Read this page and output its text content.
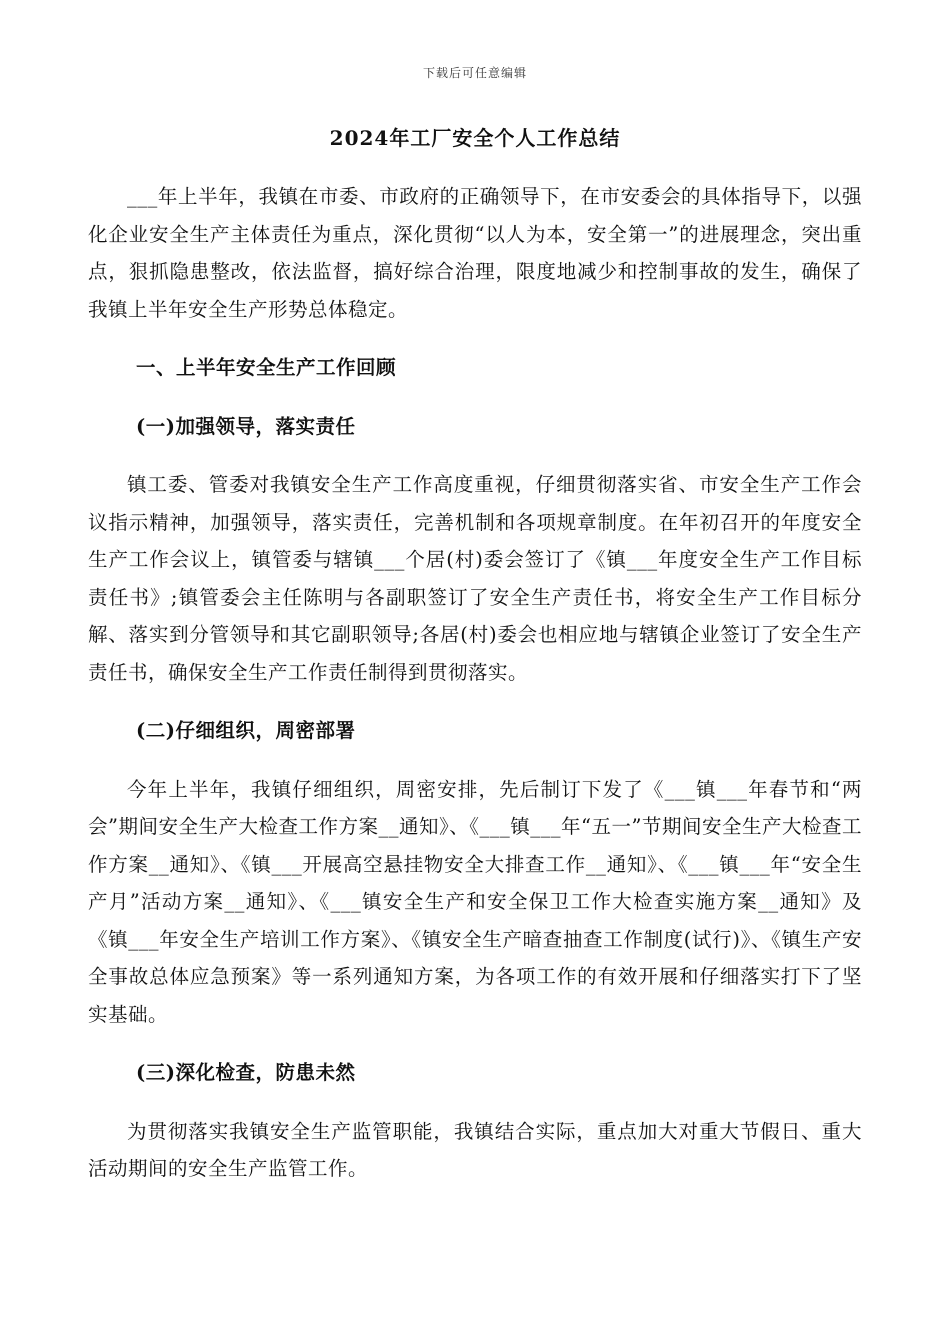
下载后可任意编辑
2024年工厂安全个人工作总结

___年上半年，我镇在市委、市政府的正确领导下，在市安委会的具体指导下，以强化企业安全生产主体责任为重点，深化贯彻“以人为本，安全第一”的进展理念，突出重点，狠抓隐患整改，依法监督，搞好综合治理，限度地减少和控制事故的发生，确保了我镇上半年安全生产形势总体稳定。

一、上半年安全生产工作回顾
(一)加强领导，落实责任

镇工委、管委对我镇安全生产工作高度重视，仔细贯彻落实省、市安全生产工作会议指示精神，加强领导，落实责任，完善机制和各项规章制度。在年初召开的年度安全生产工作会议上，镇管委与辖镇___个居(村)委会签订了《镇___年度安全生产工作目标责任书》;镇管委会主任陈明与各副职签订了安全生产责任书，将安全生产工作目标分解、落实到分管领导和其它副职领导;各居(村)委会也相应地与辖镇企业签订了安全生产责任书，确保安全生产工作责任制得到贯彻落实。

(二)仔细组织，周密部署

今年上半年，我镇仔细组织，周密安排，先后制订下发了《___镇___年春节和“两会”期间安全生产大检查工作方案__通知》、《___镇___年“五一”节期间安全生产大检查工作方案__通知》、《镇___开展高空悬挂物安全大排查工作__通知》、《___镇___年“安全生产月”活动方案__通知》、《___镇安全生产和安全保卫工作大检查实施方案__通知》及《镇___年安全生产培训工作方案》、《镇安全生产暗查抽查工作制度(试行)》、《镇生产安全事故总体应急预案》等一系列通知方案，为各项工作的有效开展和仔细落实打下了坚实基础。

(三)深化检查，防患未然

为贯彻落实我镇安全生产监管职能，我镇结合实际，重点加大对重大节假日、重大活动期间的安全生产监管工作。
